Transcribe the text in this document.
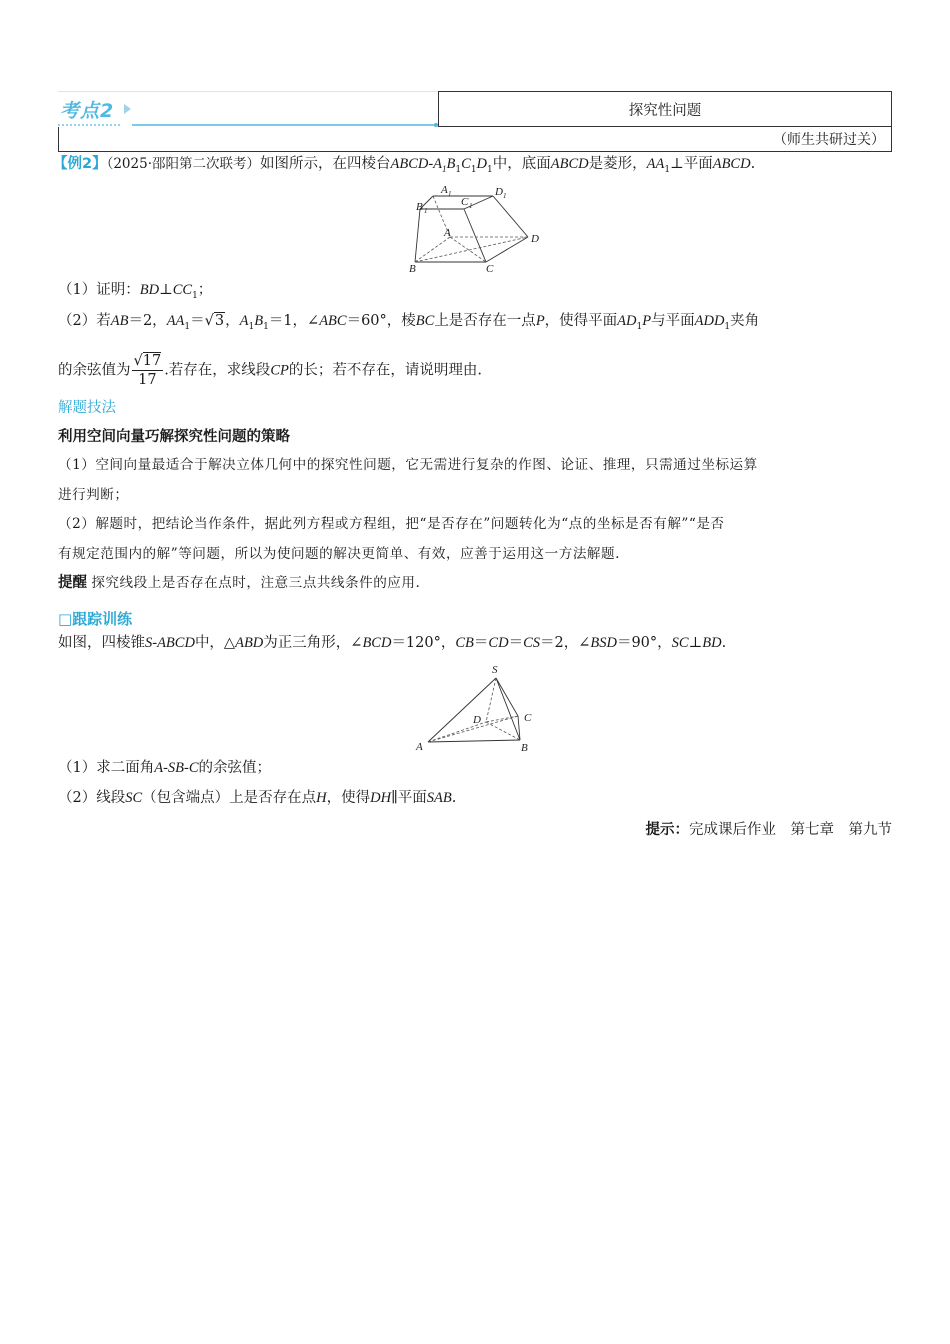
考点2	探究性问题
（师生共研过关）
【例2】（2025·邵阳第二次联考）如图所示，在四棱台ABCD-$A_1B_1C_1D_1$中，底面ABCD是菱形，$AA_1\perp$平面ABCD.
A 1	D 1
B 1
C 1
A	D
B	C
（1）证明：$BD\perp CC_1$；
（2）若AB＝2，$AA_1=√3$，$A_1B_1=1$，∠ABC＝60°，棱BC上是否存在一点P，使得平面$AD_1P$与平面$ADD_1$夹角
的余弦值为 $\frac{√17}{17}$ .若存在，求线段CP的长；若不存在，请说明理由.
解题技法
利用空间向量巧解探究性问题的策略
（1）空间向量最适合于解决立体几何中的探究性问题，它无需进行复杂的作图、论证、推理，只需通过坐标运算
进行判断；
（2）解题时，把结论当作条件，据此列方程或方程组，把“是否存在”问题转化为“点的坐标是否有解”“是否
有规定范围内的解”等问题，所以为使问题的解决更简单、有效，应善于运用这一方法解题.
提醒 探究线段上是否存在点时，注意三点共线条件的应用.
□跟踪训练
如图，四棱锥S-ABCD中，△ABD为正三角形，∠BCD＝120°，CB＝CD＝CS＝2，∠BSD＝90°，SC⊥BD.
S
D	C
A	B
（1）求二面角A-SB-C的余弦值；
（2）线段SC（包含端点）上是否存在点H，使得DH∥平面SAB.
提示：完成课后作业　第七章　第九节
